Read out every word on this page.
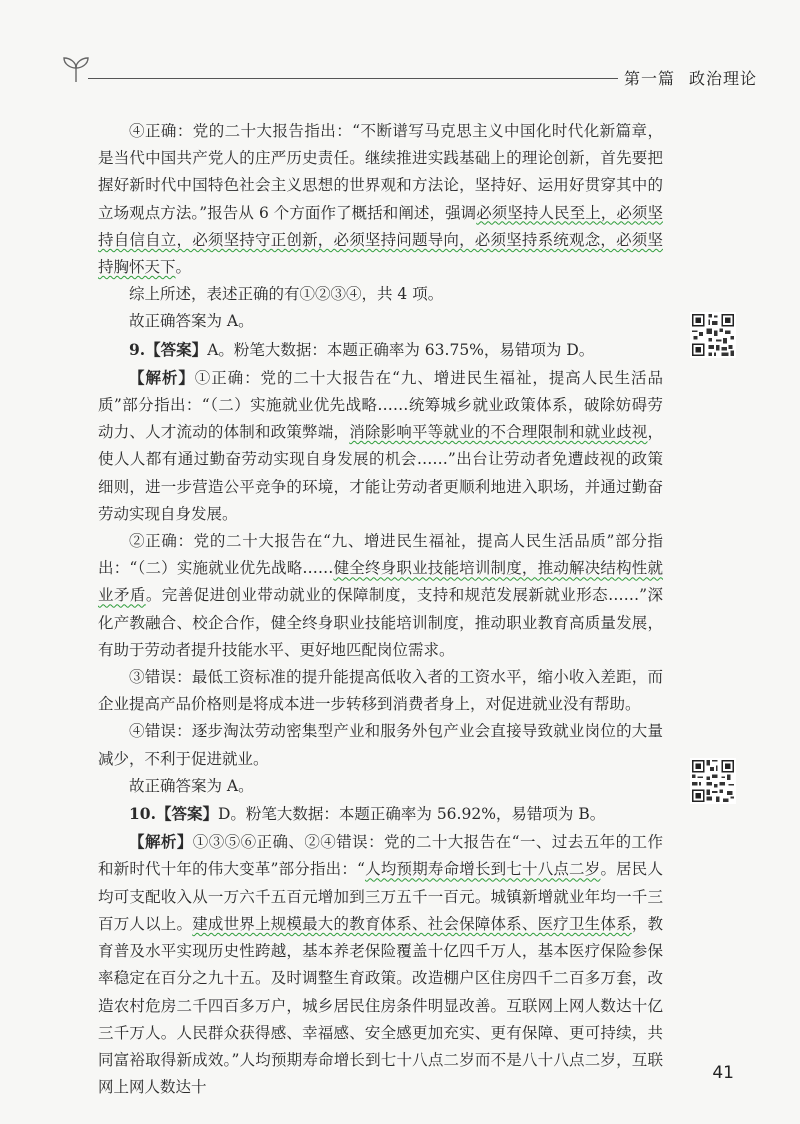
第一篇 政治理论

④正确：党的二十大报告指出：“不断谱写马克思主义中国化时代化新篇章，是当代中国共产党人的庄严历史责任。继续推进实践基础上的理论创新，首先要把握好新时代中国特色社会主义思想的世界观和方法论，坚持好、运用好贯穿其中的立场观点方法。”报告从 6 个方面作了概括和阐述，强调必须坚持人民至上，必须坚持自信自立，必须坚持守正创新，必须坚持问题导向，必须坚持系统观念，必须坚持胸怀天下。

综上所述，表述正确的有①②③④，共 4 项。

故正确答案为 A。

9.【答案】A。粉笔大数据：本题正确率为 63.75%，易错项为 D。

【解析】①正确：党的二十大报告在“九、增进民生福祉，提高人民生活品质”部分指出：“（二）实施就业优先战略……统筹城乡就业政策体系，破除妨碍劳动力、人才流动的体制和政策弊端，消除影响平等就业的不合理限制和就业歧视，使人人都有通过勤奋劳动实现自身发展的机会……”出台让劳动者免遭歧视的政策细则，进一步营造公平竞争的环境，才能让劳动者更顺利地进入职场，并通过勤奋劳动实现自身发展。

②正确：党的二十大报告在“九、增进民生福祉，提高人民生活品质”部分指出：“（二）实施就业优先战略……健全终身职业技能培训制度，推动解决结构性就业矛盾。完善促进创业带动就业的保障制度，支持和规范发展新就业形态……”深化产教融合、校企合作，健全终身职业技能培训制度，推动职业教育高质量发展，有助于劳动者提升技能水平、更好地匹配岗位需求。

③错误：最低工资标准的提升能提高低收入者的工资水平，缩小收入差距，而企业提高产品价格则是将成本进一步转移到消费者身上，对促进就业没有帮助。

④错误：逐步淘汰劳动密集型产业和服务外包产业会直接导致就业岗位的大量减少，不利于促进就业。

故正确答案为 A。

10.【答案】D。粉笔大数据：本题正确率为 56.92%，易错项为 B。

【解析】①③⑤⑥正确、②④错误：党的二十大报告在“一、过去五年的工作和新时代十年的伟大变革”部分指出：“人均预期寿命增长到七十八点二岁。居民人均可支配收入从一万六千五百元增加到三万五千一百元。城镇新增就业年均一千三百万人以上。建成世界上规模最大的教育体系、社会保障体系、医疗卫生体系，教育普及水平实现历史性跨越，基本养老保险覆盖十亿四千万人，基本医疗保险参保率稳定在百分之九十五。及时调整生育政策。改造棚户区住房四千二百多万套，改造农村危房二千四百多万户，城乡居民住房条件明显改善。互联网上网人数达十亿三千万人。人民群众获得感、幸福感、安全感更加充实、更有保障、更可持续，共同富裕取得新成效。”人均预期寿命增长到七十八点二岁而不是八十八点二岁，互联网上网人数达十

41
